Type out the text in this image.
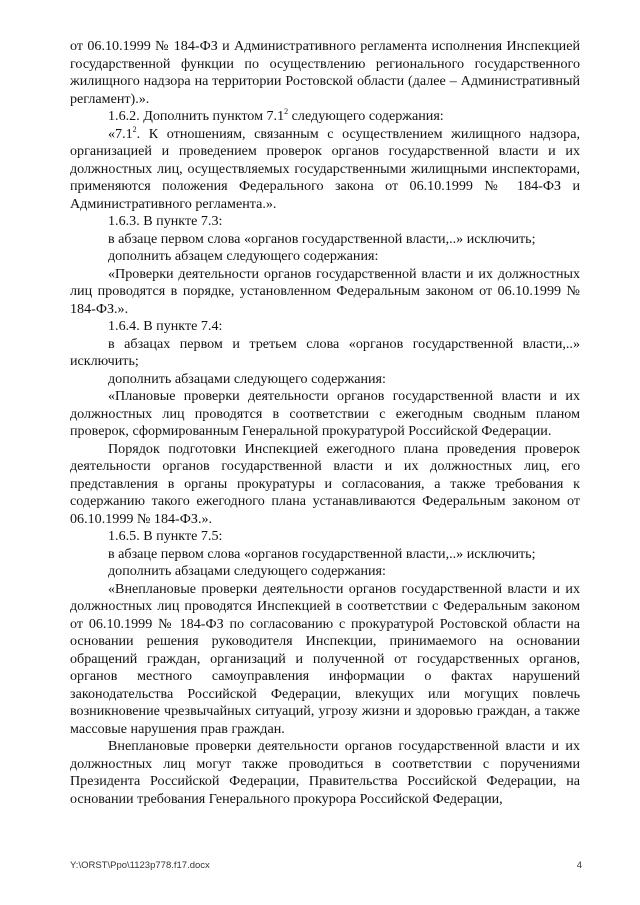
от 06.10.1999 № 184-ФЗ и Административного регламента исполнения Инспекцией государственной функции по осуществлению регионального государственного жилищного надзора на территории Ростовской области (далее – Административный регламент).».

1.6.2. Дополнить пунктом $7.1^2$ следующего содержания:

«$7.1^2$. К отношениям, связанным с осуществлением жилищного надзора, организацией и проведением проверок органов государственной власти и их должностных лиц, осуществляемых государственными жилищными инспекторами, применяются положения Федерального закона от 06.10.1999 № 184-ФЗ и Административного регламента.».

1.6.3. В пункте 7.3:

в абзаце первом слова «органов государственной власти,..» исключить;

дополнить абзацем следующего содержания:

«Проверки деятельности органов государственной власти и их должностных лиц проводятся в порядке, установленном Федеральным законом от 06.10.1999 № 184-ФЗ.».

1.6.4. В пункте 7.4:

в абзацах первом и третьем слова «органов государственной власти,..» исключить;

дополнить абзацами следующего содержания:

«Плановые проверки деятельности органов государственной власти и их должностных лиц проводятся в соответствии с ежегодным сводным планом проверок, сформированным Генеральной прокуратурой Российской Федерации.

Порядок подготовки Инспекцией ежегодного плана проведения проверок деятельности органов государственной власти и их должностных лиц, его представления в органы прокуратуры и согласования, а также требования к содержанию такого ежегодного плана устанавливаются Федеральным законом от 06.10.1999 № 184-ФЗ.».

1.6.5. В пункте 7.5:

в абзаце первом слова «органов государственной власти,..» исключить;

дополнить абзацами следующего содержания:

«Внеплановые проверки деятельности органов государственной власти и их должностных лиц проводятся Инспекцией в соответствии с Федеральным законом от 06.10.1999 № 184-ФЗ по согласованию с прокуратурой Ростовской области на основании решения руководителя Инспекции, принимаемого на основании обращений граждан, организаций и полученной от государственных органов, органов местного самоуправления информации о фактах нарушений законодательства Российской Федерации, влекущих или могущих повлечь возникновение чрезвычайных ситуаций, угрозу жизни и здоровью граждан, а также массовые нарушения прав граждан.

Внеплановые проверки деятельности органов государственной власти и их должностных лиц могут также проводиться в соответствии с поручениями Президента Российской Федерации, Правительства Российской Федерации, на основании требования Генерального прокурора Российской Федерации,

Y:\ORST\Ppo\1123p778.f17.docx	4
